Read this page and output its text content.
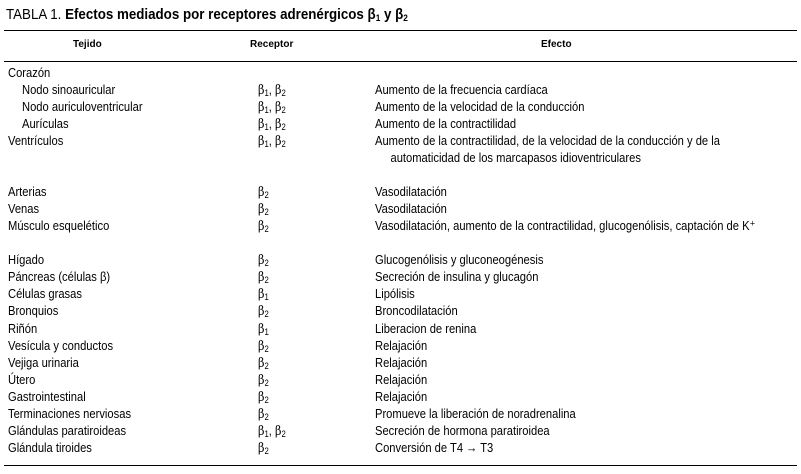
TABLA 1. Efectos mediados por receptores adrenérgicos $\beta_1$ y $\beta_2$
Tejido	Receptor	Efecto
Corazón
Nodo sinoauricular	$\beta_1$, $\beta_2$	Aumento de la frecuencia cardíaca
Nodo auriculoventricular	$\beta_1$, $\beta_2$	Aumento de la velocidad de la conducción
Aurículas	$\beta_1$, $\beta_2$	Aumento de la contractilidad
Ventrículos	$\beta_1$, $\beta_2$	Aumento de la contractilidad, de la velocidad de la conducción y de la
automaticidad de los marcapasos idioventriculares
Arterias	$\beta_2$	Vasodilatación
Venas	$\beta_2$	Vasodilatación
Músculo esquelético	$\beta_2$	Vasodilatación, aumento de la contractilidad, glucogenólisis, captación de K⁺
Hígado	$\beta_2$	Glucogenólisis y gluconeogénesis
Páncreas (células β)	$\beta_2$	Secreción de insulina y glucagón
Células grasas	$\beta_1$	Lipólisis
Bronquios	$\beta_2$	Broncodilatación
Riñón	$\beta_1$	Liberacion de renina
Vesícula y conductos	$\beta_2$	Relajación
Vejiga urinaria	$\beta_2$	Relajación
Útero	$\beta_2$	Relajación
Gastrointestinal	$\beta_2$	Relajación
Terminaciones nerviosas	$\beta_2$	Promueve la liberación de noradrenalina
Glándulas paratiroideas	$\beta_1$, $\beta_2$	Secreción de hormona paratiroidea
Glándula tiroides	$\beta_2$	Conversión de T4 → T3
